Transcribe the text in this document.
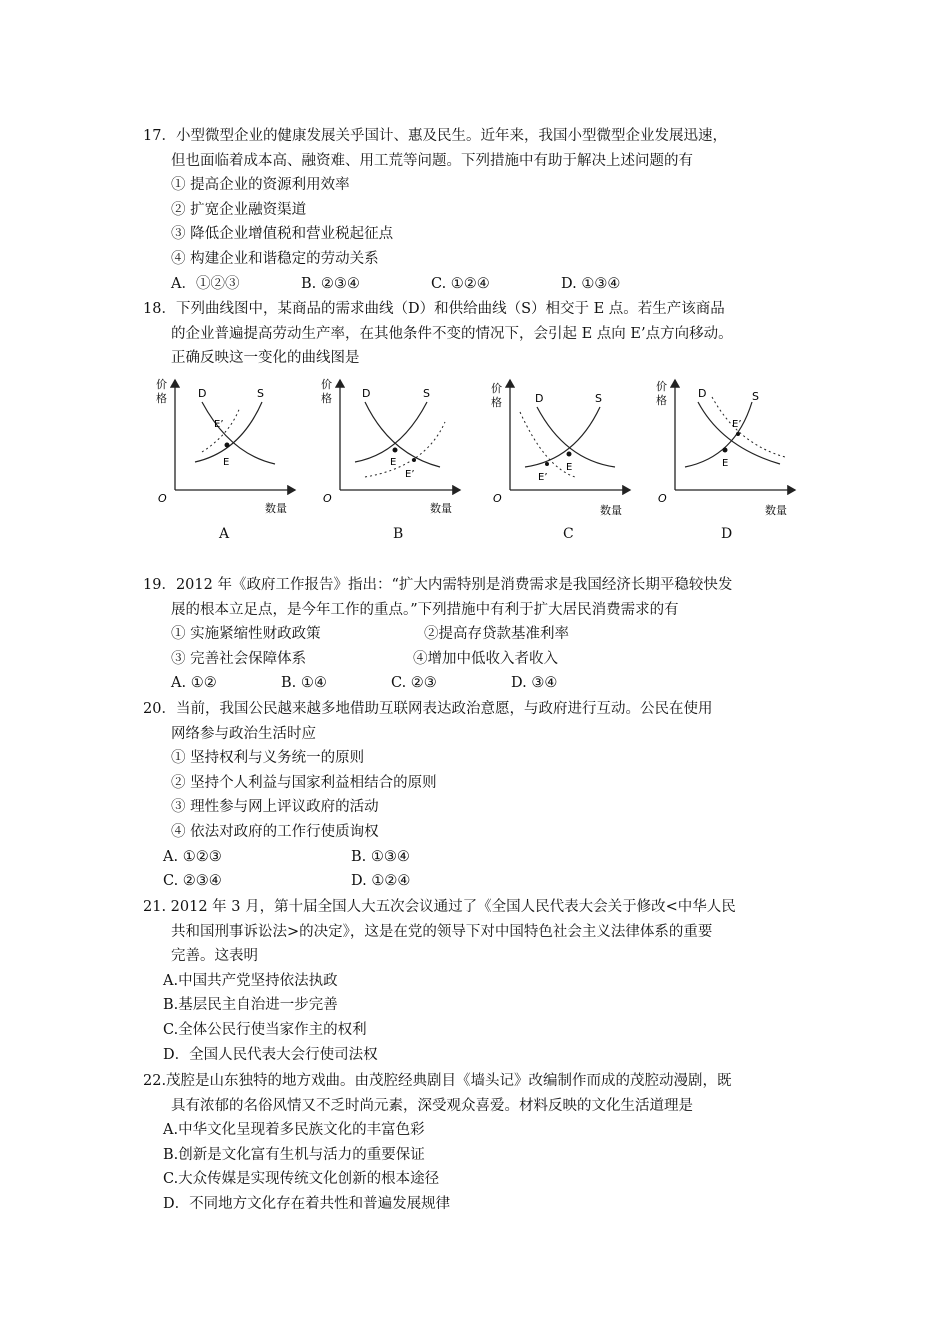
17．小型微型企业的健康发展关乎国计、惠及民生。近年来，我国小型微型企业发展迅速，
但也面临着成本高、融资难、用工荒等问题。下列措施中有助于解决上述问题的有
① 提高企业的资源利用效率
② 扩宽企业融资渠道
③ 降低企业增值税和营业税起征点
④ 构建企业和谐稳定的劳动关系
A．①②③	B. ②③④	C. ①②④	D. ①③④
18．下列曲线图中，某商品的需求曲线（D）和供给曲线（S）相交于 E 点。若生产该商品
的企业普遍提高劳动生产率，在其他条件不变的情况下，会引起 E 点向 E’点方向移动。
正确反映这一变化的曲线图是
价
格
O
数量
D	S
E
E’
价
格
O
数量
D	S
E
E’
价
格
O
数量
D	S
E
E’
价
格
O
数量
D	S
E
E’
A	B	C	D
19．2012 年《政府工作报告》指出：“扩大内需特别是消费需求是我国经济长期平稳较快发
展的根本立足点，是今年工作的重点。”下列措施中有利于扩大居民消费需求的有
① 实施紧缩性财政政策	②提高存贷款基准利率
③ 完善社会保障体系	④增加中低收入者收入
A. ①②	B. ①④	C. ②③	D. ③④
20．当前，我国公民越来越多地借助互联网表达政治意愿，与政府进行互动。公民在使用
网络参与政治生活时应
① 坚持权利与义务统一的原则
② 坚持个人利益与国家利益相结合的原则
③ 理性参与网上评议政府的活动
④ 依法对政府的工作行使质询权
A. ①②③	B. ①③④
C. ②③④	D. ①②④
21. 2012 年 3 月，第十届全国人大五次会议通过了《全国人民代表大会关于修改<中华人民
共和国刑事诉讼法>的决定》，这是在党的领导下对中国特色社会主义法律体系的重要
完善。这表明
A.中国共产党坚持依法执政
B.基层民主自治进一步完善
C.全体公民行使当家作主的权利
D．全国人民代表大会行使司法权
22.茂腔是山东独特的地方戏曲。由茂腔经典剧目《墙头记》改编制作而成的茂腔动漫剧，既
具有浓郁的名俗风情又不乏时尚元素，深受观众喜爱。材料反映的文化生活道理是
A.中华文化呈现着多民族文化的丰富色彩
B.创新是文化富有生机与活力的重要保证
C.大众传媒是实现传统文化创新的根本途径
D．不同地方文化存在着共性和普遍发展规律
